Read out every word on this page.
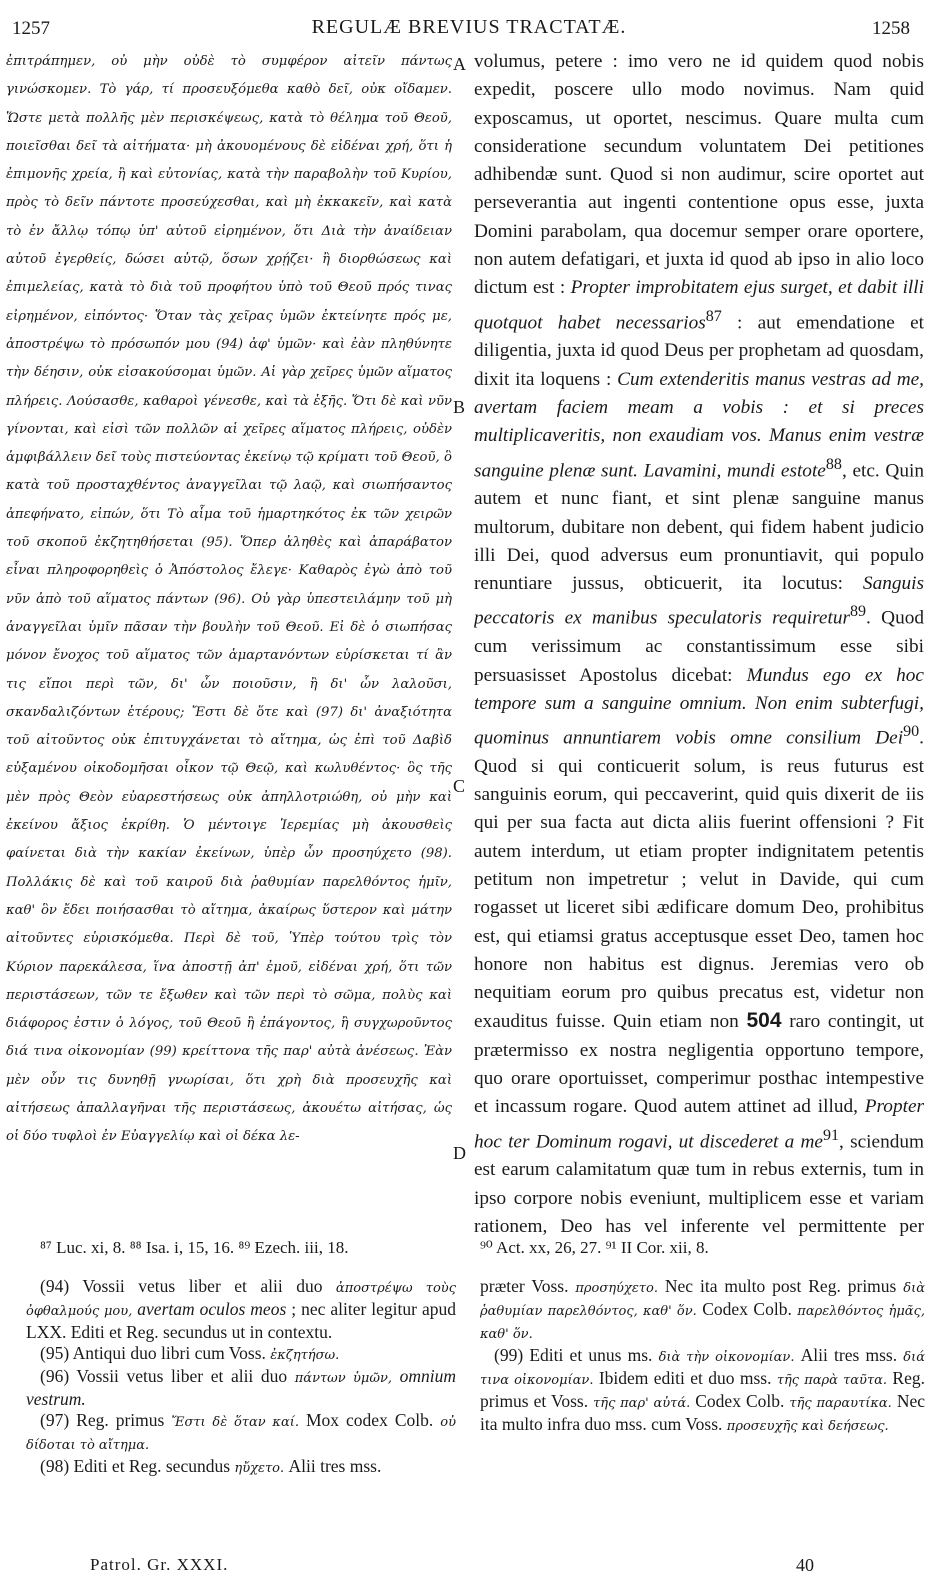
1257	REGULÆ BREVIUS TRACTATÆ.	1258

ἐπιτράπημεν, οὐ μὴν οὐδὲ τὸ συμφέρον αἰτεῖν πάντως γινώσκομεν. Τὸ γάρ, τί προσευξόμεθα καθὸ δεῖ, οὐκ οἴδαμεν. Ὥστε μετὰ πολλῆς μὲν περισκέψεως, κατὰ τὸ θέλημα τοῦ Θεοῦ, ποιεῖσθαι δεῖ τὰ αἰτήματα· μὴ ἀκουομένους δὲ εἰδέναι χρή, ὅτι ἡ ἐπιμονῆς χρεία, ἢ καὶ εὐτονίας, κατὰ τὴν παραβολὴν τοῦ Κυρίου, πρὸς τὸ δεῖν πάντοτε προσεύχεσθαι, καὶ μὴ ἐκκακεῖν, καὶ κατὰ τὸ ἐν ἄλλῳ τόπῳ ὑπ' αὐτοῦ εἰρημένον, ὅτι Διὰ τὴν ἀναίδειαν αὐτοῦ ἐγερθείς, δώσει αὐτῷ, ὅσων χρῄζει· ἢ διορθώσεως καὶ ἐπιμελείας, κατὰ τὸ διὰ τοῦ προφήτου ὑπὸ τοῦ Θεοῦ πρός τινας εἰρημένον, εἰπόντος· Ὅταν τὰς χεῖρας ὑμῶν ἐκτείνητε πρός με, ἀποστρέψω τὸ πρόσωπόν μου (94) ἀφ' ὑμῶν· καὶ ἐὰν πληθύνητε τὴν δέησιν, οὐκ εἰσακούσομαι ὑμῶν. Αἱ γὰρ χεῖρες ὑμῶν αἵματος πλήρεις. Λούσασθε, καθαροὶ γένεσθε, καὶ τὰ ἑξῆς. Ὅτι δὲ καὶ νῦν γίνονται, καὶ εἰσὶ τῶν πολλῶν αἱ χεῖρες αἵματος πλήρεις, οὐδὲν ἀμφιβάλλειν δεῖ τοὺς πιστεύοντας ἐκείνῳ τῷ κρίματι τοῦ Θεοῦ, ὃ κατὰ τοῦ προσταχθέντος ἀναγγεῖλαι τῷ λαῷ, καὶ σιωπήσαντος ἀπεφήνατο, εἰπών, ὅτι Τὸ αἷμα τοῦ ἡμαρτηκότος ἐκ τῶν χειρῶν τοῦ σκοποῦ ἐκζητηθήσεται (95). Ὅπερ ἀληθὲς καὶ ἀπαράβατον εἶναι πληροφορηθεὶς ὁ Ἀπόστολος ἔλεγε· Καθαρὸς ἐγὼ ἀπὸ τοῦ νῦν ἀπὸ τοῦ αἵματος πάντων (96). Οὐ γὰρ ὑπεστειλάμην τοῦ μὴ ἀναγγεῖλαι ὑμῖν πᾶσαν τὴν βουλὴν τοῦ Θεοῦ. Εἰ δὲ ὁ σιωπήσας μόνον ἔνοχος τοῦ αἵματος τῶν ἁμαρτανόντων εὑρίσκεται τί ἂν τις εἴποι περὶ τῶν, δι' ὧν ποιοῦσιν, ἢ δι' ὧν λαλοῦσι, σκανδαλιζόντων ἑτέρους; Ἔστι δὲ ὅτε καὶ (97) δι' ἀναξιότητα τοῦ αἰτοῦντος οὐκ ἐπιτυγχάνεται τὸ αἴτημα, ὡς ἐπὶ τοῦ Δαβὶδ εὐξαμένου οἰκοδομῆσαι οἶκον τῷ Θεῷ, καὶ κωλυθέντος· ὃς τῆς μὲν πρὸς Θεὸν εὐαρεστήσεως οὐκ ἀπηλλοτριώθη, οὐ μὴν καὶ ἐκείνου ἄξιος ἐκρίθη. Ὁ μέντοιγε Ἱερεμίας μὴ ἀκουσθεὶς φαίνεται διὰ τὴν κακίαν ἐκείνων, ὑπὲρ ὧν προσηύχετο (98). Πολλάκις δὲ καὶ τοῦ καιροῦ διὰ ῥαθυμίαν παρελθόντος ἡμῖν, καθ' ὃν ἔδει ποιήσασθαι τὸ αἴτημα, ἀκαίρως ὕστερον καὶ μάτην αἰτοῦντες εὑρισκόμεθα. Περὶ δὲ τοῦ, Ὑπὲρ τούτου τρὶς τὸν Κύριον παρεκάλεσα, ἵνα ἀποστῇ ἀπ' ἐμοῦ, εἰδέναι χρή, ὅτι τῶν περιστάσεων, τῶν τε ἔξωθεν καὶ τῶν περὶ τὸ σῶμα, πολὺς καὶ διάφορος ἐστιν ὁ λόγος, τοῦ Θεοῦ ἢ ἐπάγοντος, ἢ συγχωροῦντος διά τινα οἰκονομίαν (99) κρείττονα τῆς παρ' αὐτὰ ἀνέσεως. Ἐὰν μὲν οὖν τις δυνηθῇ γνωρίσαι, ὅτι χρὴ διὰ προσευχῆς καὶ αἰτήσεως ἀπαλλαγῆναι τῆς περιστάσεως, ἀκουέτω αἰτήσας, ὡς οἱ δύο τυφλοὶ ἐν Εὐαγγελίῳ καὶ οἱ δέκα λε-

A
B
C
D

volumus, petere : imo vero ne id quidem quod nobis expedit, poscere ullo modo novimus. Nam quid exposcamus, ut oportet, nescimus. Quare multa cum consideratione secundum voluntatem Dei petitiones adhibendæ sunt. Quod si non audimur, scire oportet aut perseverantia aut ingenti contentione opus esse, juxta Domini parabolam, qua docemur semper orare oportere, non autem defatigari, et juxta id quod ab ipso in alio loco dictum est : Propter improbitatem ejus surget, et dabit illi quotquot habet necessarios$^{87}$ : aut emendatione et diligentia, juxta id quod Deus per prophetam ad quosdam, dixit ita loquens : Cum extenderitis manus vestras ad me, avertam faciem meam a vobis : et si preces multiplicaveritis, non exaudiam vos. Manus enim vestræ sanguine plenæ sunt. Lavamini, mundi estote$^{88}$, etc. Quin autem et nunc fiant, et sint plenæ sanguine manus multorum, dubitare non debent, qui fidem habent judicio illi Dei, quod adversus eum pronuntiavit, qui populo renuntiare jussus, obticuerit, ita locutus: Sanguis peccatoris ex manibus speculatoris requiretur$^{89}$. Quod cum verissimum ac constantissimum esse sibi persuasisset Apostolus dicebat: Mundus ego ex hoc tempore sum a sanguine omnium. Non enim subterfugi, quominus annuntiarem vobis omne consilium Dei$^{90}$. Quod si qui conticuerit solum, is reus futurus est sanguinis eorum, qui peccaverint, quid quis dixerit de iis qui per sua facta aut dicta aliis fuerint offensioni ? Fit autem interdum, ut etiam propter indignitatem petentis petitum non impetretur ; velut in Davide, qui cum rogasset ut liceret sibi ædificare domum Deo, prohibitus est, qui etiamsi gratus acceptusque esset Deo, tamen hoc honore non habitus est dignus. Jeremias vero ob nequitiam eorum pro quibus precatus est, videtur non exauditus fuisse. Quin etiam non 504 raro contingit, ut prætermisso ex nostra negligentia opportuno tempore, quo orare oportuisset, comperimur posthac intempestive et incassum rogare. Quod autem attinet ad illud, Propter hoc ter Dominum rogavi, ut discederet a $me^{91}$, sciendum est earum calamitatum quæ tum in rebus externis, tum in ipso corpore nobis eveniunt, multiplicem esse et variam rationem, Deo has vel inferente vel permittente per

⁸⁷ Luc. xi, 8. ⁸⁸ Isa. i, 15, 16. ⁸⁹ Ezech. iii, 18.	⁹⁰ Act. xx, 26, 27. ⁹¹ II Cor. xii, 8.

(94) Vossii vetus liber et alii duo ἀποστρέψω τοὺς ὀφθαλμούς μου, avertam oculos meos ; nec aliter legitur apud LXX. Editi et Reg. secundus ut in contextu.

(95) Antiqui duo libri cum Voss. ἐκζητήσω.

(96) Vossii vetus liber et alii duo πάντων ὑμῶν, omnium vestrum.

(97) Reg. primus Ἔστι δὲ ὅταν καί. Mox codex Colb. οὐ δίδοται τὸ αἴτημα.

(98) Editi et Reg. secundus ηὔχετο. Alii tres mss.

præter Voss. προσηύχετο. Nec ita multo post Reg. primus διὰ ῥαθυμίαν παρελθόντος, καθ' ὅν. Codex Colb. παρελθόντος ἡμᾶς, καθ' ὅν.

(99) Editi et unus ms. διὰ τὴν οἰκονομίαν. Alii tres mss. διά τινα οἰκονομίαν. Ibidem editi et duo mss. τῆς παρὰ ταῦτα. Reg. primus et Voss. τῆς παρ' αὐτά. Codex Colb. τῆς παραυτίκα. Nec ita multo infra duo mss. cum Voss. προσευχῆς καὶ δεήσεως.

Patrol. Gr. XXXI.	40
